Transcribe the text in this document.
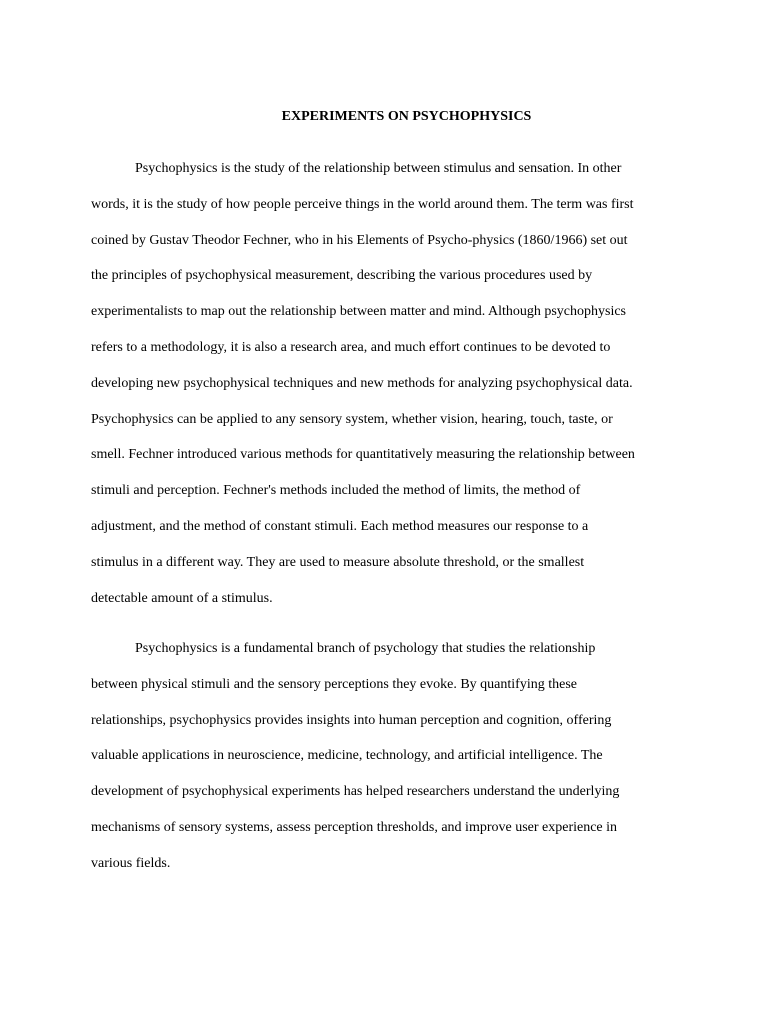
EXPERIMENTS ON PSYCHOPHYSICS
Psychophysics is the study of the relationship between stimulus and sensation. In other
words, it is the study of how people perceive things in the world around them. The term was first
coined by Gustav Theodor Fechner, who in his Elements of Psycho-physics (1860/1966) set out
the principles of psychophysical measurement, describing the various procedures used by
experimentalists to map out the relationship between matter and mind. Although psychophysics
refers to a methodology, it is also a research area, and much effort continues to be devoted to
developing new psychophysical techniques and new methods for analyzing psychophysical data.
Psychophysics can be applied to any sensory system, whether vision, hearing, touch, taste, or
smell. Fechner introduced various methods for quantitatively measuring the relationship between
stimuli and perception. Fechner's methods included the method of limits, the method of
adjustment, and the method of constant stimuli. Each method measures our response to a
stimulus in a different way. They are used to measure absolute threshold, or the smallest
detectable amount of a stimulus.
Psychophysics is a fundamental branch of psychology that studies the relationship
between physical stimuli and the sensory perceptions they evoke. By quantifying these
relationships, psychophysics provides insights into human perception and cognition, offering
valuable applications in neuroscience, medicine, technology, and artificial intelligence. The
development of psychophysical experiments has helped researchers understand the underlying
mechanisms of sensory systems, assess perception thresholds, and improve user experience in
various fields.
